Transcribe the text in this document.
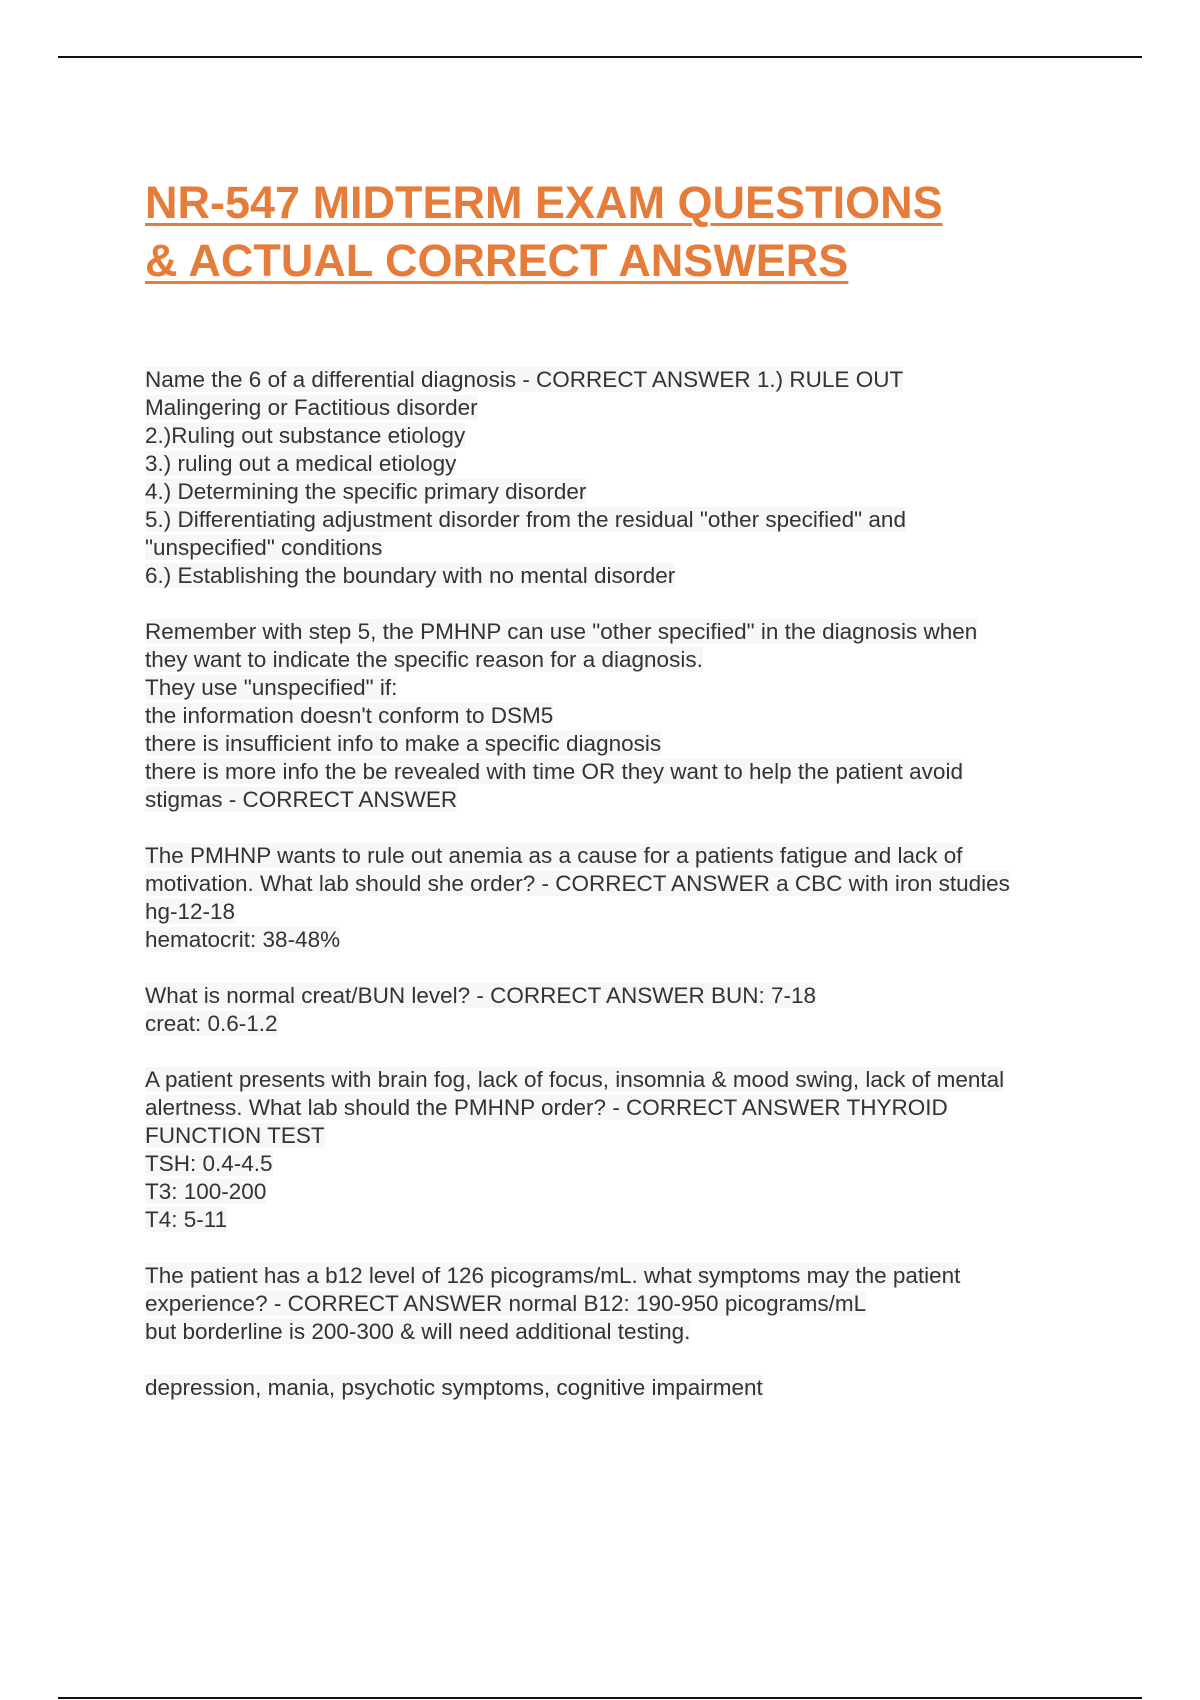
NR-547 MIDTERM EXAM QUESTIONS
& ACTUAL CORRECT ANSWERS
Name the 6 of a differential diagnosis - CORRECT ANSWER 1.) RULE OUT
Malingering or Factitious disorder
2.)Ruling out substance etiology
3.) ruling out a medical etiology
4.) Determining the specific primary disorder
5.) Differentiating adjustment disorder from the residual "other specified" and
"unspecified" conditions
6.) Establishing the boundary with no mental disorder
Remember with step 5, the PMHNP can use "other specified" in the diagnosis when
they want to indicate the specific reason for a diagnosis.
They use "unspecified" if:
the information doesn't conform to DSM5
there is insufficient info to make a specific diagnosis
there is more info the be revealed with time OR they want to help the patient avoid
stigmas - CORRECT ANSWER
The PMHNP wants to rule out anemia as a cause for a patients fatigue and lack of
motivation. What lab should she order? - CORRECT ANSWER a CBC with iron studies
hg-12-18
hematocrit: 38-48%
What is normal creat/BUN level? - CORRECT ANSWER BUN: 7-18
creat: 0.6-1.2
A patient presents with brain fog, lack of focus, insomnia & mood swing, lack of mental
alertness. What lab should the PMHNP order? - CORRECT ANSWER THYROID
FUNCTION TEST
TSH: 0.4-4.5
T3: 100-200
T4: 5-11
The patient has a b12 level of 126 picograms/mL. what symptoms may the patient
experience? - CORRECT ANSWER normal B12: 190-950 picograms/mL
but borderline is 200-300 & will need additional testing.
depression, mania, psychotic symptoms, cognitive impairment
